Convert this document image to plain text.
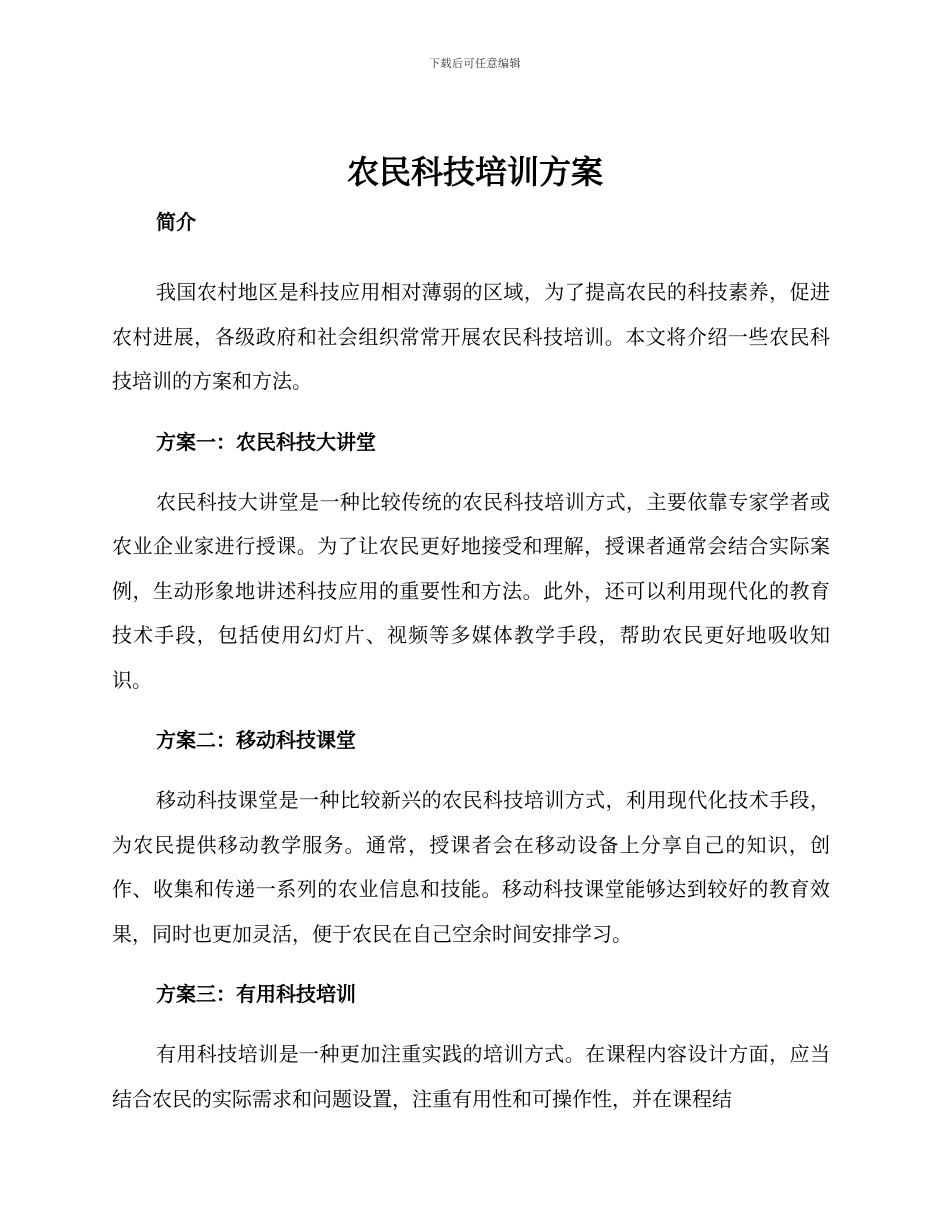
下载后可任意编辑
农民科技培训方案
简介

我国农村地区是科技应用相对薄弱的区域，为了提高农民的科技素养，促进农村进展，各级政府和社会组织常常开展农民科技培训。本文将介绍一些农民科技培训的方案和方法。

方案一：农民科技大讲堂

农民科技大讲堂是一种比较传统的农民科技培训方式，主要依靠专家学者或农业企业家进行授课。为了让农民更好地接受和理解，授课者通常会结合实际案例，生动形象地讲述科技应用的重要性和方法。此外，还可以利用现代化的教育技术手段，包括使用幻灯片、视频等多媒体教学手段，帮助农民更好地吸收知识。

方案二：移动科技课堂

移动科技课堂是一种比较新兴的农民科技培训方式，利用现代化技术手段，为农民提供移动教学服务。通常，授课者会在移动设备上分享自己的知识，创作、收集和传递一系列的农业信息和技能。移动科技课堂能够达到较好的教育效果，同时也更加灵活，便于农民在自己空余时间安排学习。

方案三：有用科技培训

有用科技培训是一种更加注重实践的培训方式。在课程内容设计方面，应当结合农民的实际需求和问题设置，注重有用性和可操作性，并在课程结
